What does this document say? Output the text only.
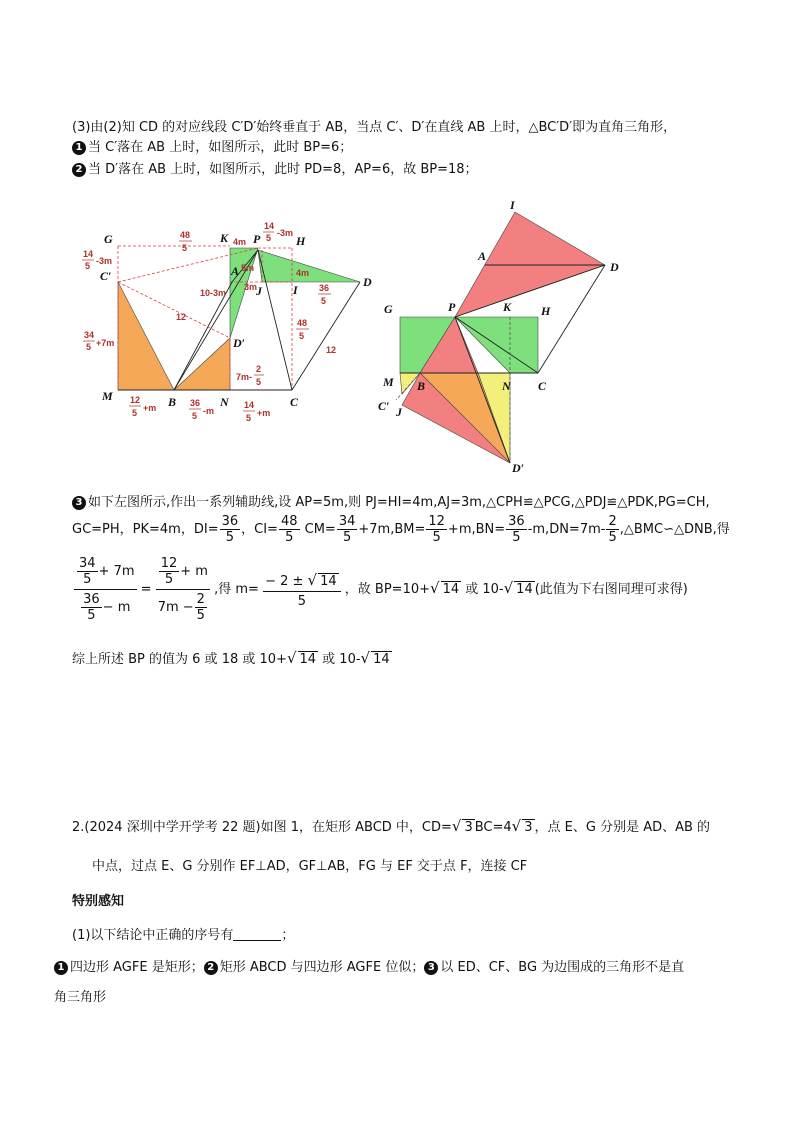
(3)由(2)知 CD 的对应线段 C′D′始终垂直于 AB，当点 C′、D′在直线 AB 上时，△BC′D′即为直角三角形，
1 当 C′落在 AB 上时，如图所示，此时 BP=6；
2 当 D′落在 AB 上时，如图所示，此时 PD=8，AP=6，故 BP=18；
G	K P	H
C′	A
J	I
D
D′
M	B	N	C
14
5 -3m
48
5
4m
14
5 -3m
5m
3m
10-3m
4m
36
5
12
12
34
5 +7m
48
5
7m-
2
5
12
5 +m	36
5 -m
14
5 +m
I
A
D
G	P	K H
M B	N C
C′ J
D′
3 如下左图所示,作出一系列辅助线,设 AP=5m,则 PJ=HI=4m,AJ=3m,△CPH≌△PCG,△PDJ≌△PDK,PG=CH,
GC=PH，PK=4m，$DI= \frac{36}{5}$ ，$CI= \frac{48}{5} CM= \frac{34}{5} +7m,BM= \frac{12}{5} +m,BN= \frac{36}{5} -m,DN=7m- \frac{2}{5}$ ,△BMC∽△DNB,得
$\frac{\frac{34}{5} + 7m}{\frac{36}{5} - m} = \frac{\frac{12}{5} + m}{7m - \frac{2}{5}}$ ,得 $m= \frac{- 2 \pm √ 14}{5}$ ，故 BP=10+√ 14 或 10-√ 14 (此值为下右图同理可求得)
综上所述 BP 的值为 6 或 18 或 10+√ 14 或 10-√ 14
2.(2024 深圳中学开学考 22 题)如图 1，在矩形 ABCD 中，CD=√ 3 BC=4√ 3 ，点 E、G 分别是 AD、AB 的
中点，过点 E、G 分别作 EF⊥AD，GF⊥AB，FG 与 EF 交于点 F，连接 CF
特别感知
(1)以下结论中正确的序号有	；
1 四边形 AGFE 是矩形； 2 矩形 ABCD 与四边形 AGFE 位似； 3 以 ED、CF、BG 为边围成的三角形不是直
角三角形
